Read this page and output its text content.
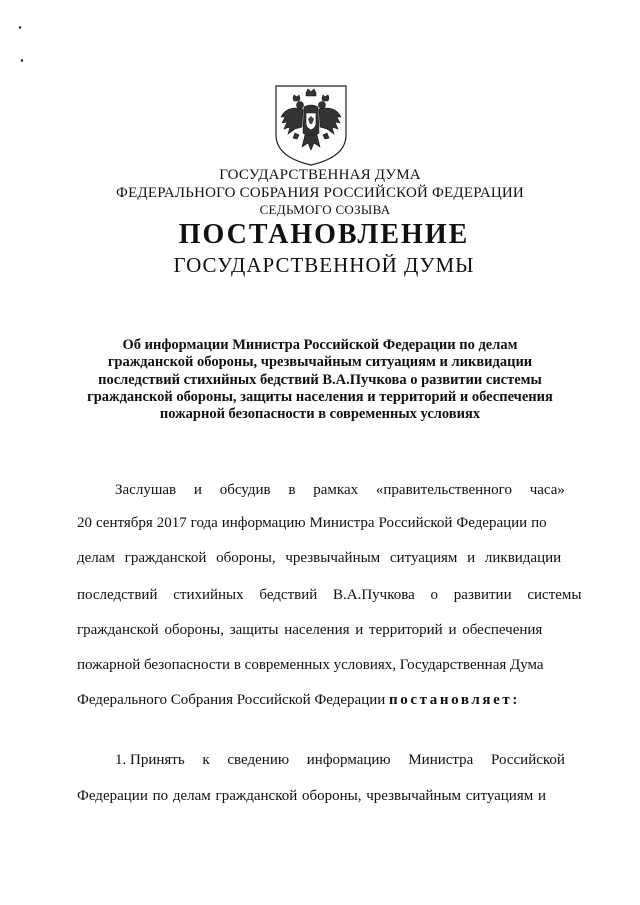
ГОСУДАРСТВЕННАЯ ДУМА
ФЕДЕРАЛЬНОГО СОБРАНИЯ РОССИЙСКОЙ ФЕДЕРАЦИИ
СЕДЬМОГО СОЗЫВА
ПОСТАНОВЛЕНИЕ
ГОСУДАРСТВЕННОЙ ДУМЫ
Об информации Министра Российской Федерации по делам
гражданской обороны, чрезвычайным ситуациям и ликвидации
последствий стихийных бедствий В.А.Пучкова о развитии системы
гражданской обороны, защиты населения и территорий и обеспечения
пожарной безопасности в современных условиях
Заслушав и обсудив в рамках «правительственного часа»
20 сентября 2017 года информацию Министра Российской Федерации по
делам гражданской обороны, чрезвычайным ситуациям и ликвидации
последствий стихийных бедствий В.А.Пучкова о развитии системы
гражданской обороны, защиты населения и территорий и обеспечения
пожарной безопасности в современных условиях, Государственная Дума
Федерального Собрания Российской Федерации постановляет:
1. Принять к сведению информацию Министра Российской
Федерации по делам гражданской обороны, чрезвычайным ситуациям и
